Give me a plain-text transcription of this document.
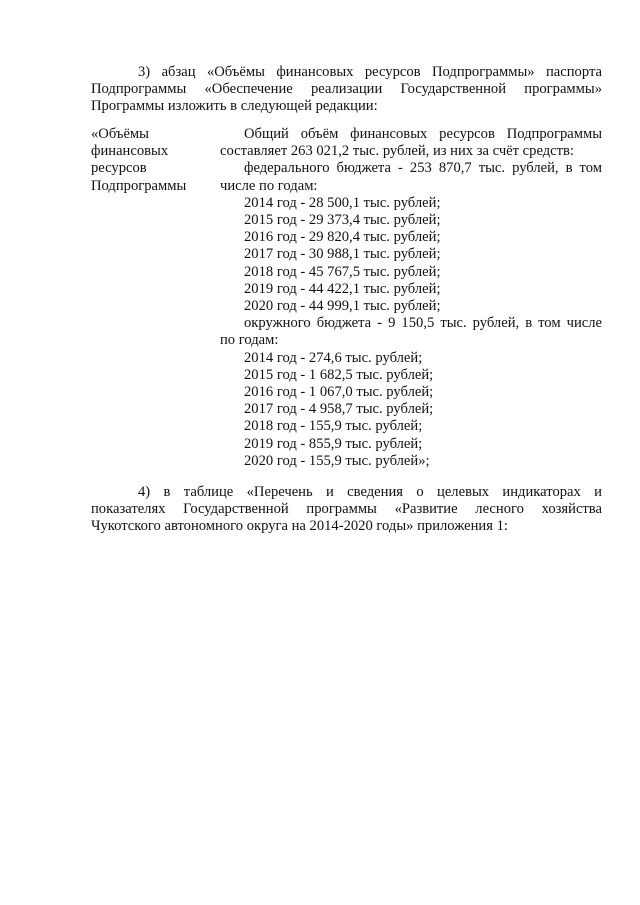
3) абзац «Объёмы финансовых ресурсов Подпрограммы» паспорта
Подпрограммы «Обеспечение реализации Государственной программы»
Программы изложить в следующей редакции:
«Объёмы
финансовых
ресурсов
Подпрограммы
Общий объём финансовых ресурсов Подпрограммы
составляет 263 021,2 тыс. рублей, из них за счёт средств:
федерального бюджета - 253 870,7 тыс. рублей, в том
числе по годам:
2014 год - 28 500,1 тыс. рублей;
2015 год - 29 373,4 тыс. рублей;
2016 год - 29 820,4 тыс. рублей;
2017 год - 30 988,1 тыс. рублей;
2018 год - 45 767,5 тыс. рублей;
2019 год - 44 422,1 тыс. рублей;
2020 год - 44 999,1 тыс. рублей;
окружного бюджета - 9 150,5 тыс. рублей, в том числе
по годам:
2014 год - 274,6 тыс. рублей;
2015 год - 1 682,5 тыс. рублей;
2016 год - 1 067,0 тыс. рублей;
2017 год - 4 958,7 тыс. рублей;
2018 год - 155,9 тыс. рублей;
2019 год - 855,9 тыс. рублей;
2020 год - 155,9 тыс. рублей»;
4) в таблице «Перечень и сведения о целевых индикаторах и
показателях Государственной программы «Развитие лесного хозяйства
Чукотского автономного округа на 2014-2020 годы» приложения 1:
